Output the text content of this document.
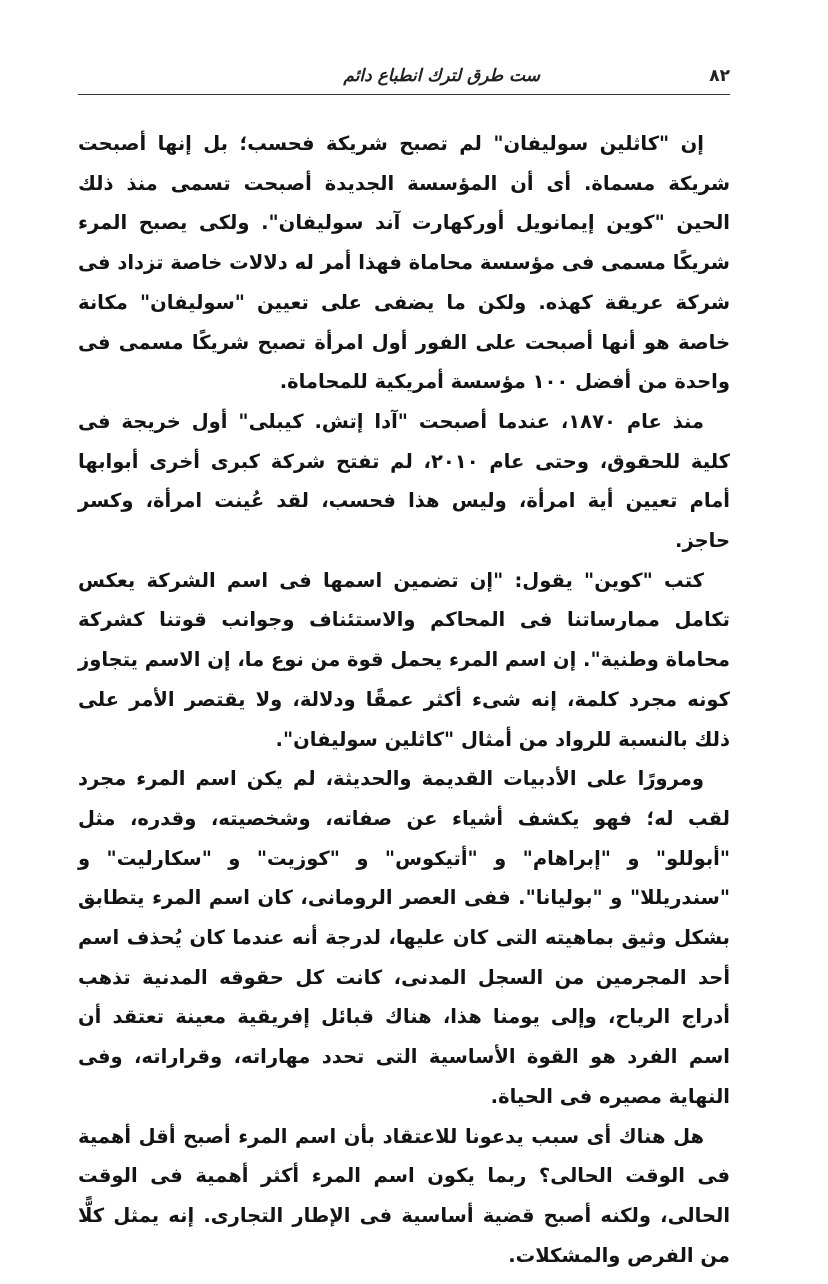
ست طرق لترك انطباع دائم	٨٢

إن "كاثلين سوليفان" لم تصبح شريكة فحسب؛ بل إنها أصبحت شريكة مسماة. أى أن المؤسسة الجديدة أصبحت تسمى منذ ذلك الحين "كوين إيمانويل أوركهارت آند سوليفان". ولكى يصبح المرء شريكًا مسمى فى مؤسسة محاماة فهذا أمر له دلالات خاصة تزداد فى شركة عريقة كهذه. ولكن ما يضفى على تعيين "سوليفان" مكانة خاصة هو أنها أصبحت على الفور أول امرأة تصبح شريكًا مسمى فى واحدة من أفضل ١٠٠ مؤسسة أمريكية للمحاماة.

منذ عام ١٨٧٠، عندما أصبحت "آدا إتش. كيبلى" أول خريجة فى كلية للحقوق، وحتى عام ٢٠١٠، لم تفتح شركة كبرى أخرى أبوابها أمام تعيين أية امرأة، وليس هذا فحسب، لقد عُينت امرأة، وكسر حاجز.

كتب "كوين" يقول: "إن تضمين اسمها فى اسم الشركة يعكس تكامل ممارساتنا فى المحاكم والاستئناف وجوانب قوتنا كشركة محاماة وطنية". إن اسم المرء يحمل قوة من نوع ما، إن الاسم يتجاوز كونه مجرد كلمة، إنه شىء أكثر عمقًا ودلالة، ولا يقتصر الأمر على ذلك بالنسبة للرواد من أمثال "كاثلين سوليفان".

ومرورًا على الأدبيات القديمة والحديثة، لم يكن اسم المرء مجرد لقب له؛ فهو يكشف أشياء عن صفاته، وشخصيته، وقدره، مثل "أبوللو" و "إبراهام" و "أتيكوس" و "كوزيت" و "سكارليت" و "سندريللا" و "بوليانا". ففى العصر الرومانى، كان اسم المرء يتطابق بشكل وثيق بماهيته التى كان عليها، لدرجة أنه عندما كان يُحذف اسم أحد المجرمين من السجل المدنى، كانت كل حقوقه المدنية تذهب أدراج الرياح، وإلى يومنا هذا، هناك قبائل إفريقية معينة تعتقد أن اسم الفرد هو القوة الأساسية التى تحدد مهاراته، وقراراته، وفى النهاية مصيره فى الحياة.

هل هناك أى سبب يدعونا للاعتقاد بأن اسم المرء أصبح أقل أهمية فى الوقت الحالى؟ ربما يكون اسم المرء أكثر أهمية فى الوقت الحالى، ولكنه أصبح قضية أساسية فى الإطار التجارى. إنه يمثل كلًّا من الفرص والمشكلات.
